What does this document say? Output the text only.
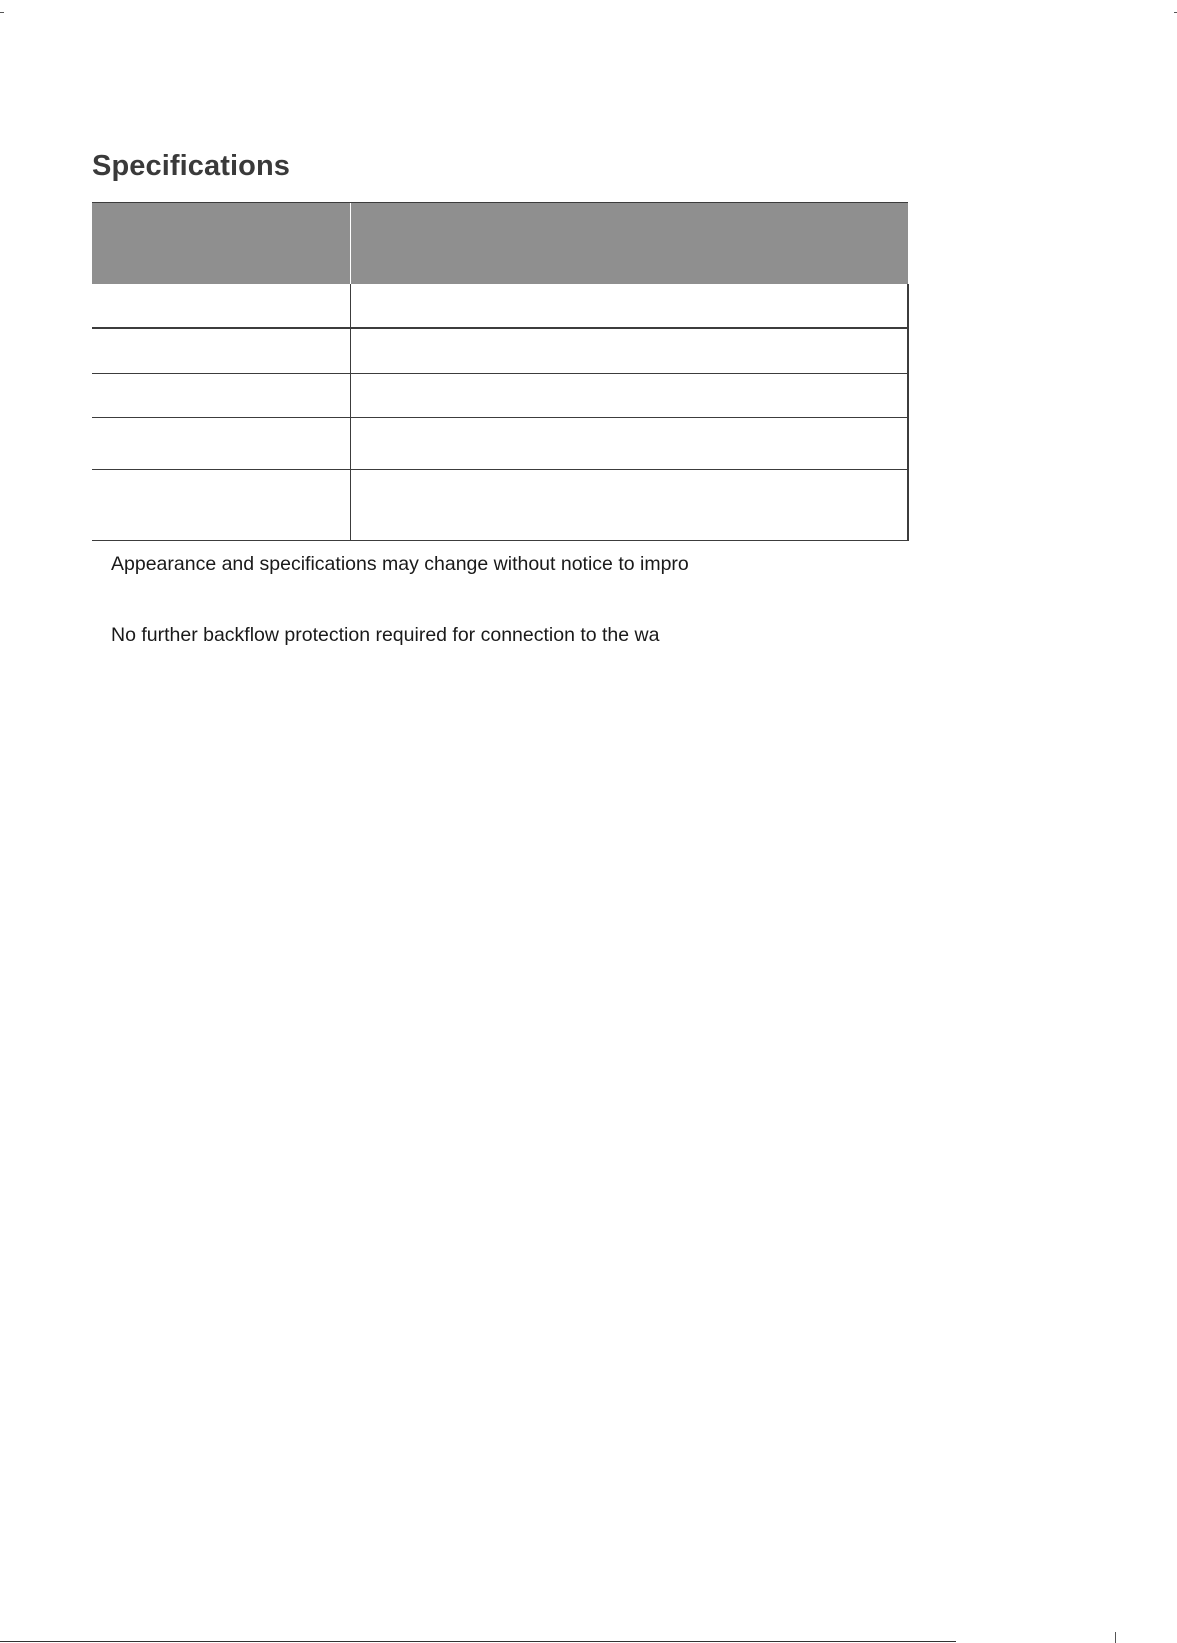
Specifications

Appearance and specifications may change without notice to impro

No further backflow protection required for connection to the wa
